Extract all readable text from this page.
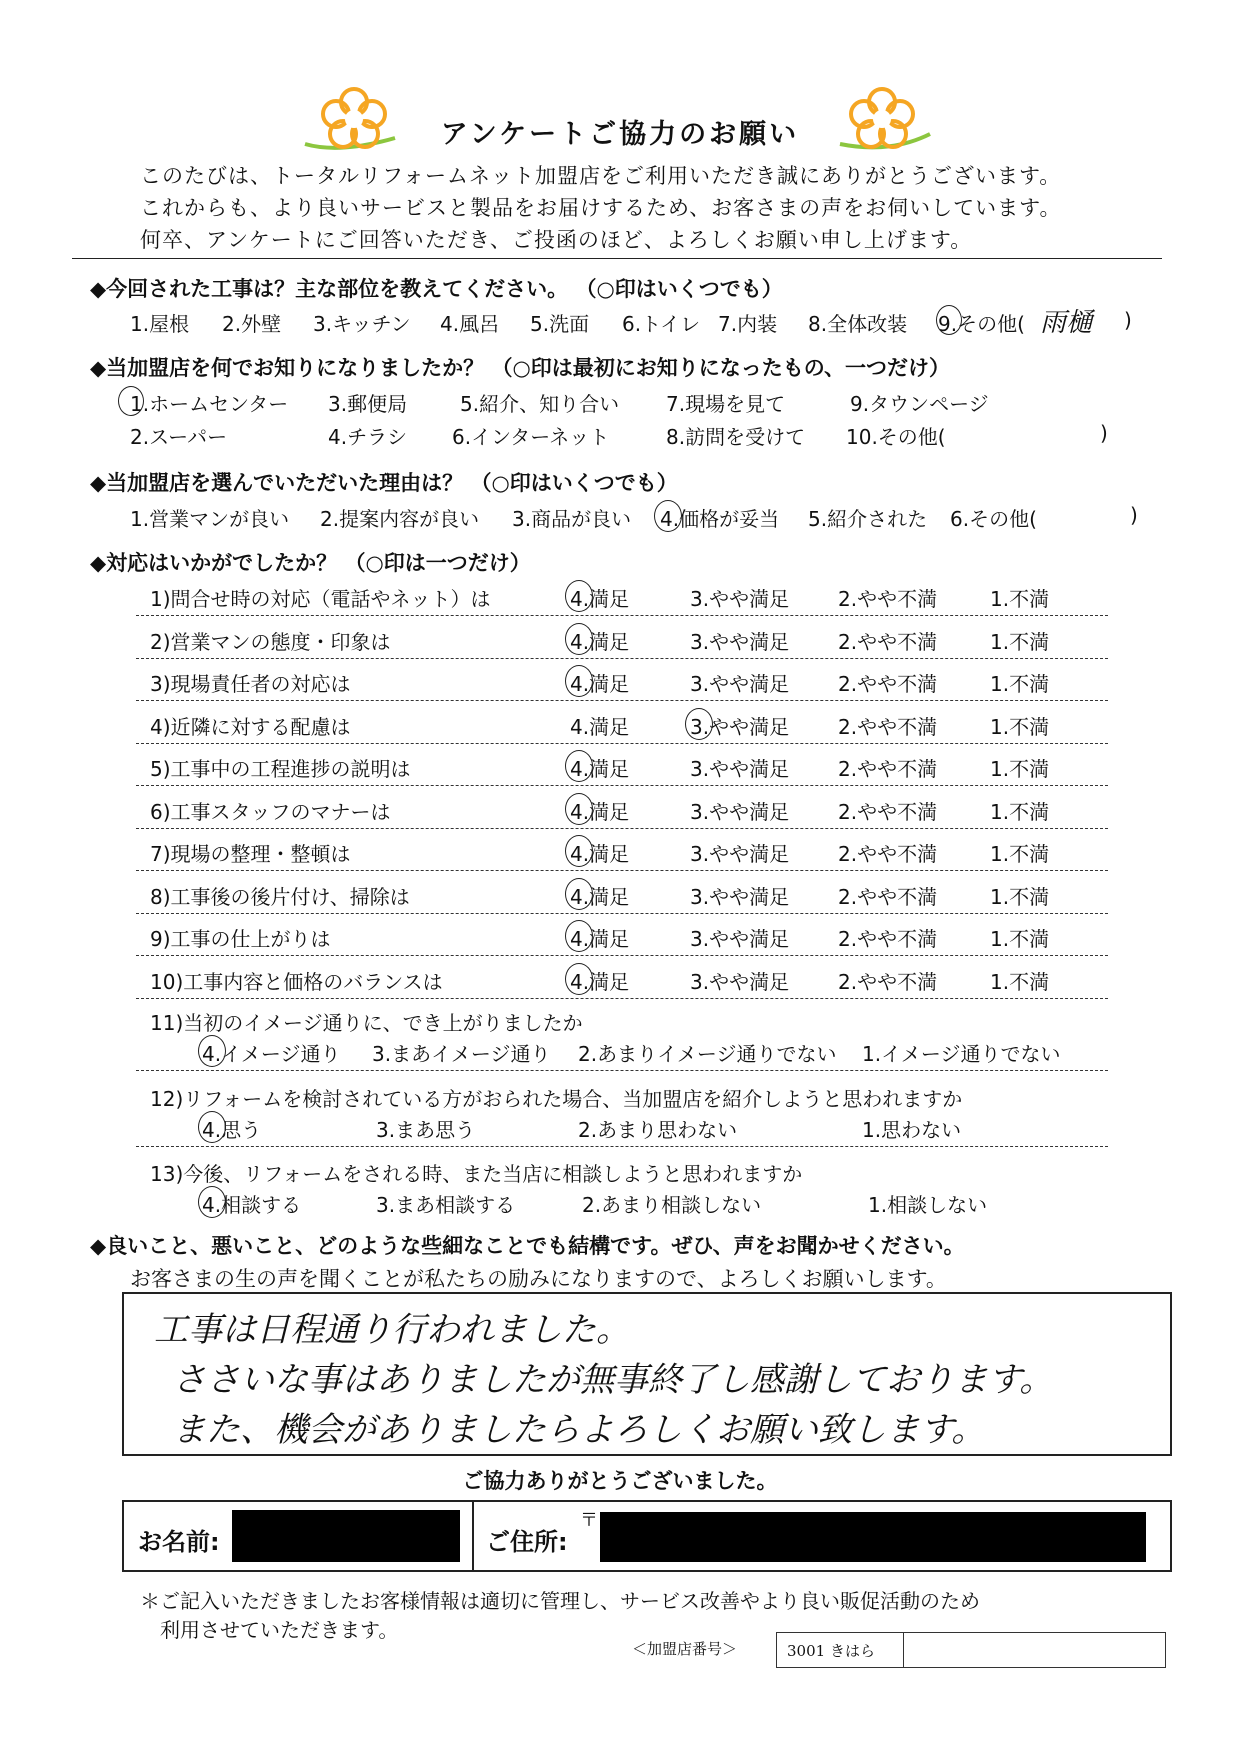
アンケートご協力のお願い
このたびは、トータルリフォームネット加盟店をご利用いただき誠にありがとうございます。
これからも、より良いサービスと製品をお届けするため、お客さまの声をお伺いしています。
何卒、アンケートにご回答いただき、ご投函のほど、よろしくお願い申し上げます。
◆今回された工事は？主な部位を教えてください。 （○印はいくつでも）
1.屋根 2.外壁 3.キッチン 4.風呂 5.洗面 6.トイレ 7.内装 8.全体改装 9.その他( 雨樋 )
◆当加盟店を何でお知りになりましたか？ （○印は最初にお知りになったもの、一つだけ）
1.ホームセンター 3.郵便局	5.紹介、知り合い 7.現場を見て	9.タウンページ
2.スーパー	4.チラシ 6.インターネット	8.訪問を受けて 10.その他(	)
◆当加盟店を選んでいただいた理由は？ （○印はいくつでも）
1.営業マンが良い 2.提案内容が良い 3.商品が良い 4.価格が妥当 5.紹介された 6.その他(	)
◆対応はいかがでしたか？ （○印は一つだけ）
1)問合せ時の対応（電話やネット）は	4.満足	3.やや満足 2.やや不満	1.不満
2)営業マンの態度・印象は	4.満足	3.やや満足 2.やや不満	1.不満
3)現場責任者の対応は	4.満足	3.やや満足 2.やや不満	1.不満
4)近隣に対する配慮は	4.満足	3.やや満足 2.やや不満	1.不満
5)工事中の工程進捗の説明は	4.満足	3.やや満足 2.やや不満	1.不満
6)工事スタッフのマナーは	4.満足	3.やや満足 2.やや不満	1.不満
7)現場の整理・整頓は	4.満足	3.やや満足 2.やや不満	1.不満
8)工事後の後片付け、掃除は	4.満足	3.やや満足 2.やや不満	1.不満
9)工事の仕上がりは	4.満足	3.やや満足 2.やや不満	1.不満
10)工事内容と価格のバランスは	4.満足	3.やや満足 2.やや不満	1.不満
11)当初のイメージ通りに、でき上がりましたか
4.イメージ通り 3.まあイメージ通り 2.あまりイメージ通りでない 1.イメージ通りでない
12)リフォームを検討されている方がおられた場合、当加盟店を紹介しようと思われますか
4.思う	3.まあ思う	2.あまり思わない	1.思わない
13)今後、リフォームをされる時、また当店に相談しようと思われますか
4.相談する	3.まあ相談する	2.あまり相談しない	1.相談しない
◆良いこと、悪いこと、どのような些細なことでも結構です。ぜひ、声をお聞かせください。
お客さまの生の声を聞くことが私たちの励みになりますので、よろしくお願いします。
工事は日程通り行われました。
ささいな事はありましたが無事終了し感謝しております。
また、機会がありましたらよろしくお願い致します。
ご協力ありがとうございました。
お名前:	ご住所:
〒
＊ご記入いただきましたお客様情報は適切に管理し、サービス改善やより良い販促活動のため
利用させていただきます。
＜加盟店番号＞	3001 きはら
